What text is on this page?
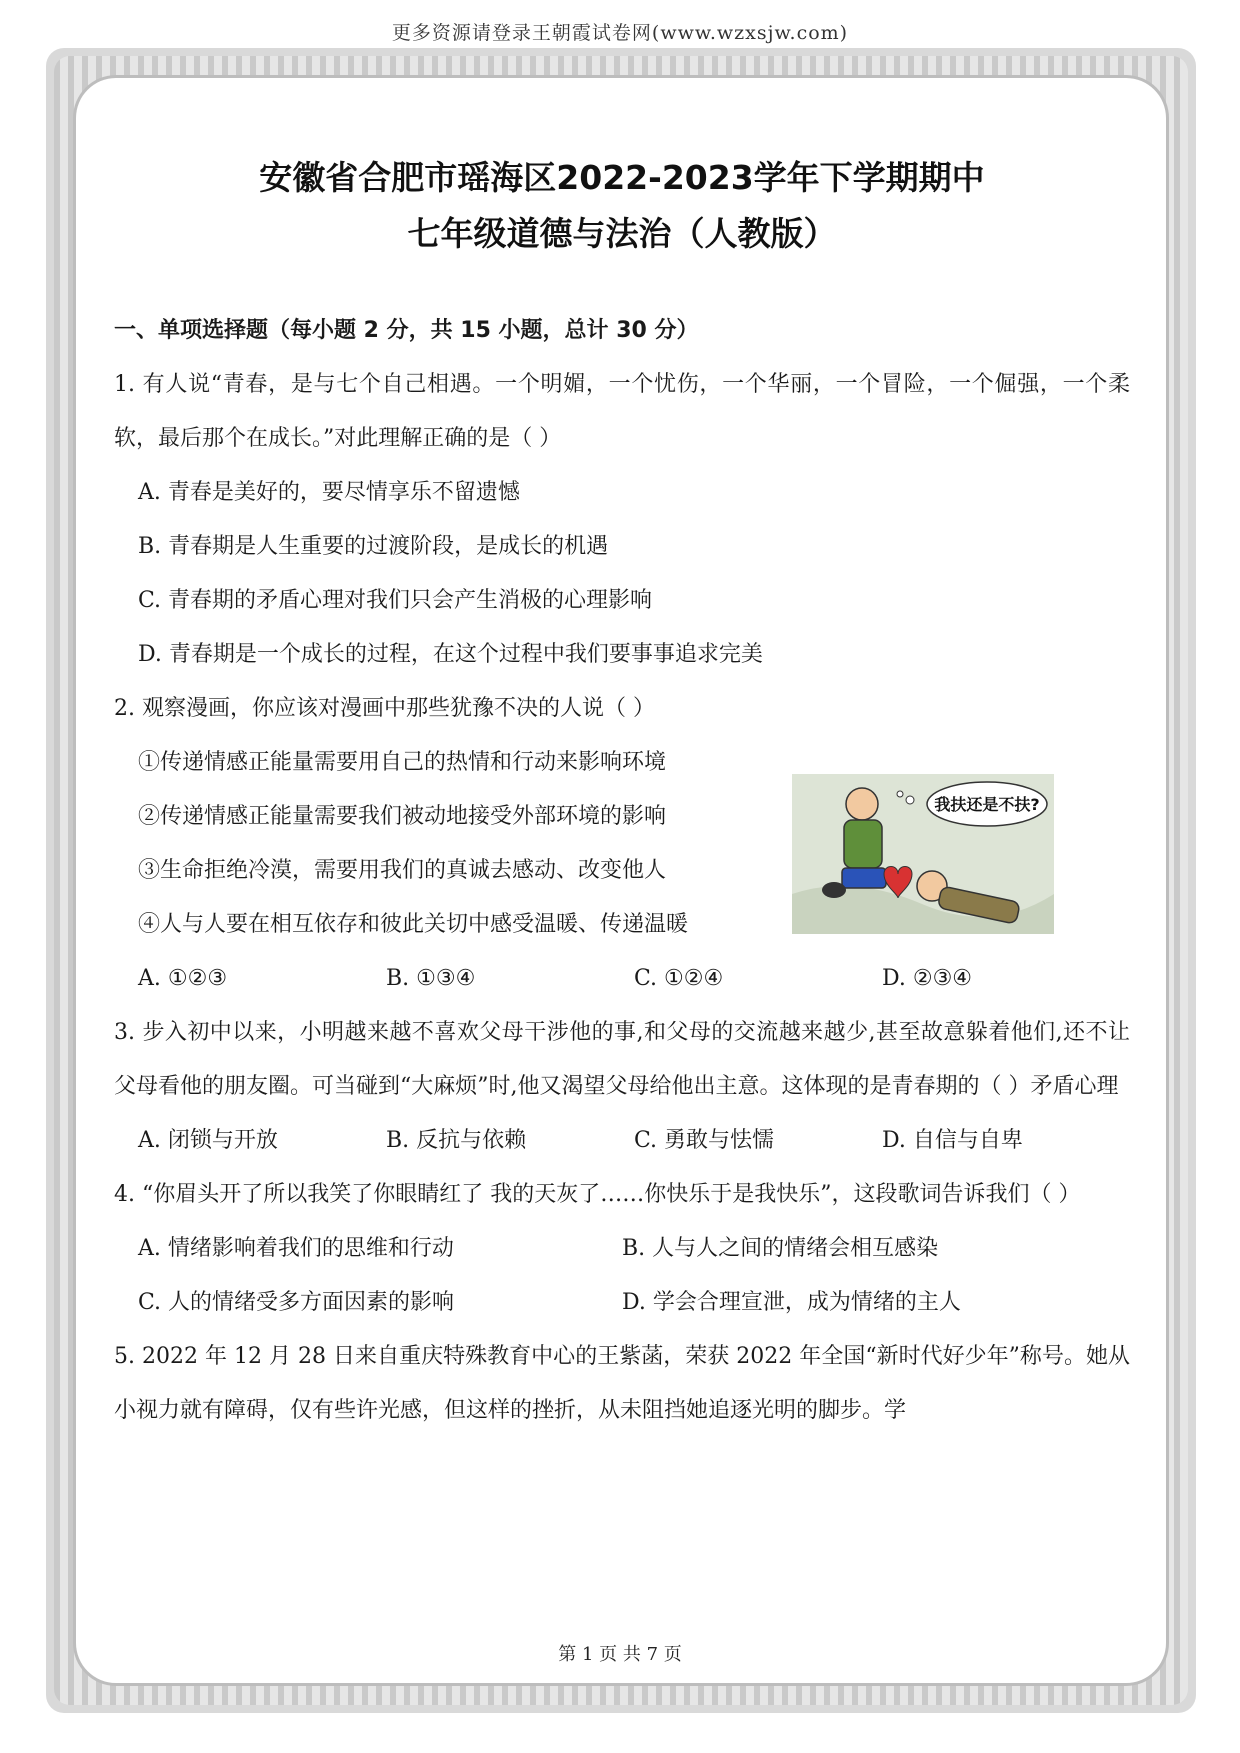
更多资源请登录王朝霞试卷网(www.wzxsjw.com)
安徽省合肥市瑶海区2022-2023学年下学期期中
七年级道德与法治（人教版）
一、单项选择题（每小题 2 分，共 15 小题，总计 30 分）
1. 有人说“青春，是与七个自己相遇。一个明媚，一个忧伤，一个华丽，一个冒险，一个倔强，一个柔软，最后那个在成长。”对此理解正确的是（ ）
A. 青春是美好的，要尽情享乐不留遗憾
B. 青春期是人生重要的过渡阶段，是成长的机遇
C. 青春期的矛盾心理对我们只会产生消极的心理影响
D. 青春期是一个成长的过程，在这个过程中我们要事事追求完美
2. 观察漫画，你应该对漫画中那些犹豫不决的人说（ ）
①传递情感正能量需要用自己的热情和行动来影响环境
②传递情感正能量需要我们被动地接受外部环境的影响
③生命拒绝冷漠，需要用我们的真诚去感动、改变他人
④人与人要在相互依存和彼此关切中感受温暖、传递温暖
我扶还是不扶?
A. ①②③	B. ①③④	C. ①②④	D. ②③④
3. 步入初中以来，小明越来越不喜欢父母干涉他的事,和父母的交流越来越少,甚至故意躲着他们,还不让父母看他的朋友圈。可当碰到“大麻烦”时,他又渴望父母给他出主意。这体现的是青春期的（ ）矛盾心理
A. 闭锁与开放	B. 反抗与依赖	C. 勇敢与怯懦	D. 自信与自卑
4. “你眉头开了所以我笑了你眼睛红了 我的天灰了……你快乐于是我快乐”，这段歌词告诉我们（ ）
A. 情绪影响着我们的思维和行动	B. 人与人之间的情绪会相互感染
C. 人的情绪受多方面因素的影响	D. 学会合理宣泄，成为情绪的主人
5. 2022 年 12 月 28 日来自重庆特殊教育中心的王紫菡，荣获 2022 年全国“新时代好少年”称号。她从小视力就有障碍，仅有些许光感，但这样的挫折，从未阻挡她追逐光明的脚步。学
第 1 页 共 7 页
